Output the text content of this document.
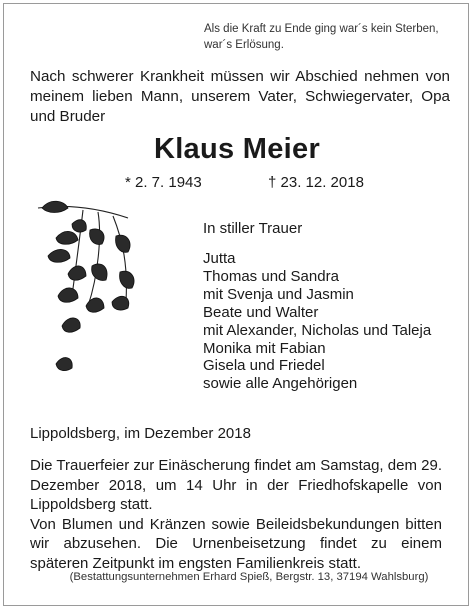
Als die Kraft zu Ende ging war´s kein Sterben,
war´s Erlösung.
Nach schwerer Krankheit müssen wir Abschied nehmen von meinem lieben Mann, unserem Vater, Schwiegervater, Opa und Bruder
Klaus Meier
* 2. 7. 1943	† 23. 12. 2018
In stiller Trauer
Jutta
Thomas und Sandra
mit Svenja und Jasmin
Beate und Walter
mit Alexander, Nicholas und Taleja
Monika mit Fabian
Gisela und Friedel
sowie alle Angehörigen
Lippoldsberg, im Dezember 2018

Die Trauerfeier zur Einäscherung findet am Samstag, dem 29. Dezember 2018, um 14 Uhr in der Friedhofskapelle von Lippoldsberg statt.

Von Blumen und Kränzen sowie Beileidsbekundungen bitten wir abzusehen. Die Urnenbeisetzung findet zu einem späteren Zeitpunkt im engsten Familienkreis statt.

(Bestattungsunternehmen Erhard Spieß, Bergstr. 13, 37194 Wahlsburg)
